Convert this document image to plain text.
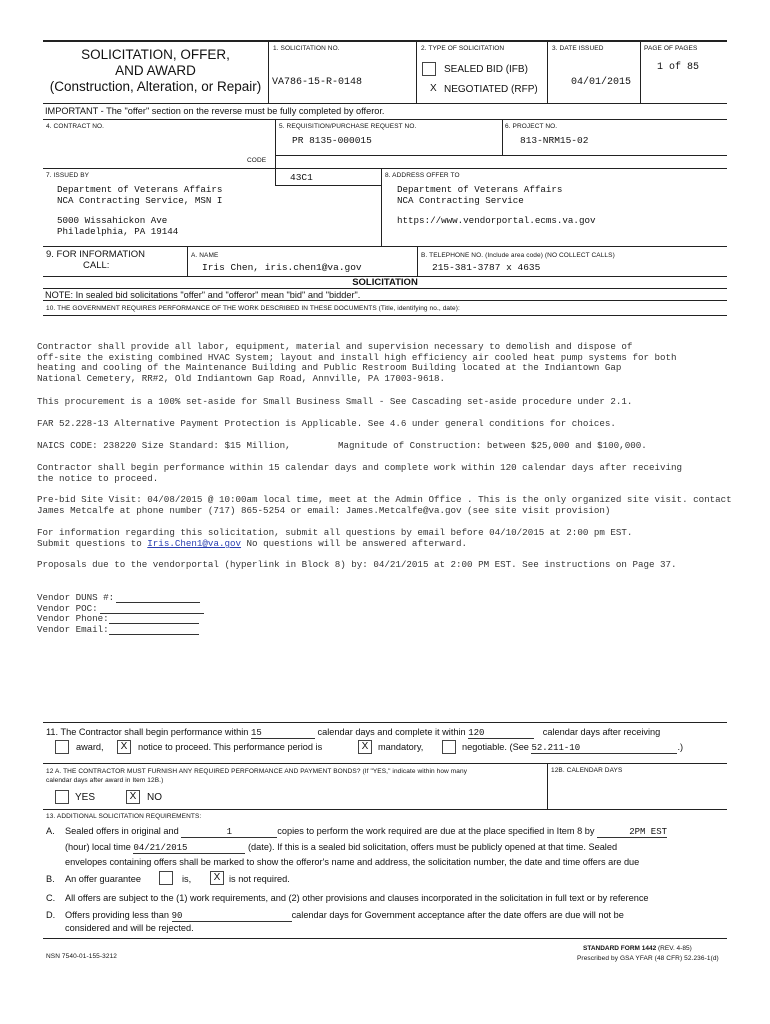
SOLICITATION, OFFER,
AND AWARD
(Construction, Alteration, or Repair)
1. SOLICITATION NO.
VA786-15-R-0148
2. TYPE OF SOLICITATION
SEALED BID (IFB)
X NEGOTIATED (RFP)
3. DATE ISSUED
04/01/2015
PAGE OF PAGES
1 of 85
IMPORTANT - The "offer" section on the reverse must be fully completed by offeror.
4. CONTRACT NO.	5. REQUISITION/PURCHASE REQUEST NO.
PR 8135-000015
6. PROJECT NO.
813-NRM15-02
CODE
43C1
7. ISSUED BY
Department of Veterans Affairs
NCA Contracting Service, MSN I
5000 Wissahickon Ave
Philadelphia, PA 19144
8. ADDRESS OFFER TO
Department of Veterans Affairs
NCA Contracting Service
https://www.vendorportal.ecms.va.gov
9. FOR INFORMATION
CALL:
A. NAME
Iris Chen, iris.chen1@va.gov
B. TELEPHONE NO. (Include area code) (NO COLLECT CALLS)
215-381-3787 x 4635
SOLICITATION
NOTE: In sealed bid solicitations "offer" and "offeror" mean "bid" and "bidder".
10. THE GOVERNMENT REQUIRES PERFORMANCE OF THE WORK DESCRIBED IN THESE DOCUMENTS (Title, identifying no., date):
Contractor shall provide all labor, equipment, material and supervision necessary to demolish and dispose of
off-site the existing combined HVAC System; layout and install high efficiency air cooled heat pump systems for both
heating and cooling of the Maintenance Building and Public Restroom Building located at the Indiantown Gap
National Cemetery, RR#2, Old Indiantown Gap Road, Annville, PA 17003-9618.
This procurement is a 100% set-aside for Small Business Small - See Cascading set-aside procedure under 2.1.
FAR 52.228-13 Alternative Payment Protection is Applicable. See 4.6 under general conditions for choices.
NAICS CODE: 238220 Size Standard: $15 Million,	Magnitude of Construction: between $25,000 and $100,000.
Contractor shall begin performance within 15 calendar days and complete work within 120 calendar days after receiving
the notice to proceed.
Pre-bid Site Visit: 04/08/2015 @ 10:00am local time, meet at the Admin Office . This is the only organized site visit. contact
James Metcalfe at phone number (717) 865-5254 or email: James.Metcalfe@va.gov (see site visit provision)
For information regarding this solicitation, submit all questions by email before 04/10/2015 at 2:00 pm EST.
Submit questions to Iris.Chen1@va.gov No questions will be answered afterward.
Proposals due to the vendorportal (hyperlink in Block 8) by: 04/21/2015 at 2:00 PM EST. See instructions on Page 37.
Vendor DUNS #:
Vendor POC:
Vendor Phone:
Vendor Email:
11. The Contractor shall begin performance within 15	calendar days and complete it within 120	calendar days after receiving
award,	X	notice to proceed. This performance period is	X	mandatory,	negotiable. (See 52.211-10	.)
12 A. THE CONTRACTOR MUST FURNISH ANY REQUIRED PERFORMANCE AND PAYMENT BONDS? (If "YES," indicate within how many
calendar days after award in Item 12B.)
12B. CALENDAR DAYS
YES	X	NO
13. ADDITIONAL SOLICITATION REQUIREMENTS:
A. Sealed offers in original and	1	copies to perform the work required are due at the place specified in Item 8 by	2PM EST
(hour) local time 04/21/2015	(date). If this is a sealed bid solicitation, offers must be publicly opened at that time. Sealed
envelopes containing offers shall be marked to show the offeror's name and address, the solicitation number, the date and time offers are due
B. An offer guarantee	is,	X is not required.
C. All offers are subject to the (1) work requirements, and (2) other provisions and clauses incorporated in the solicitation in full text or by reference
D. Offers providing less than 90	calendar days for Government acceptance after the date offers are due will not be
considered and will be rejected.
NSN 7540-01-155-3212
STANDARD FORM 1442 (REV. 4-85)
Prescribed by GSA YFAR (48 CFR) 52.236-1(d)
